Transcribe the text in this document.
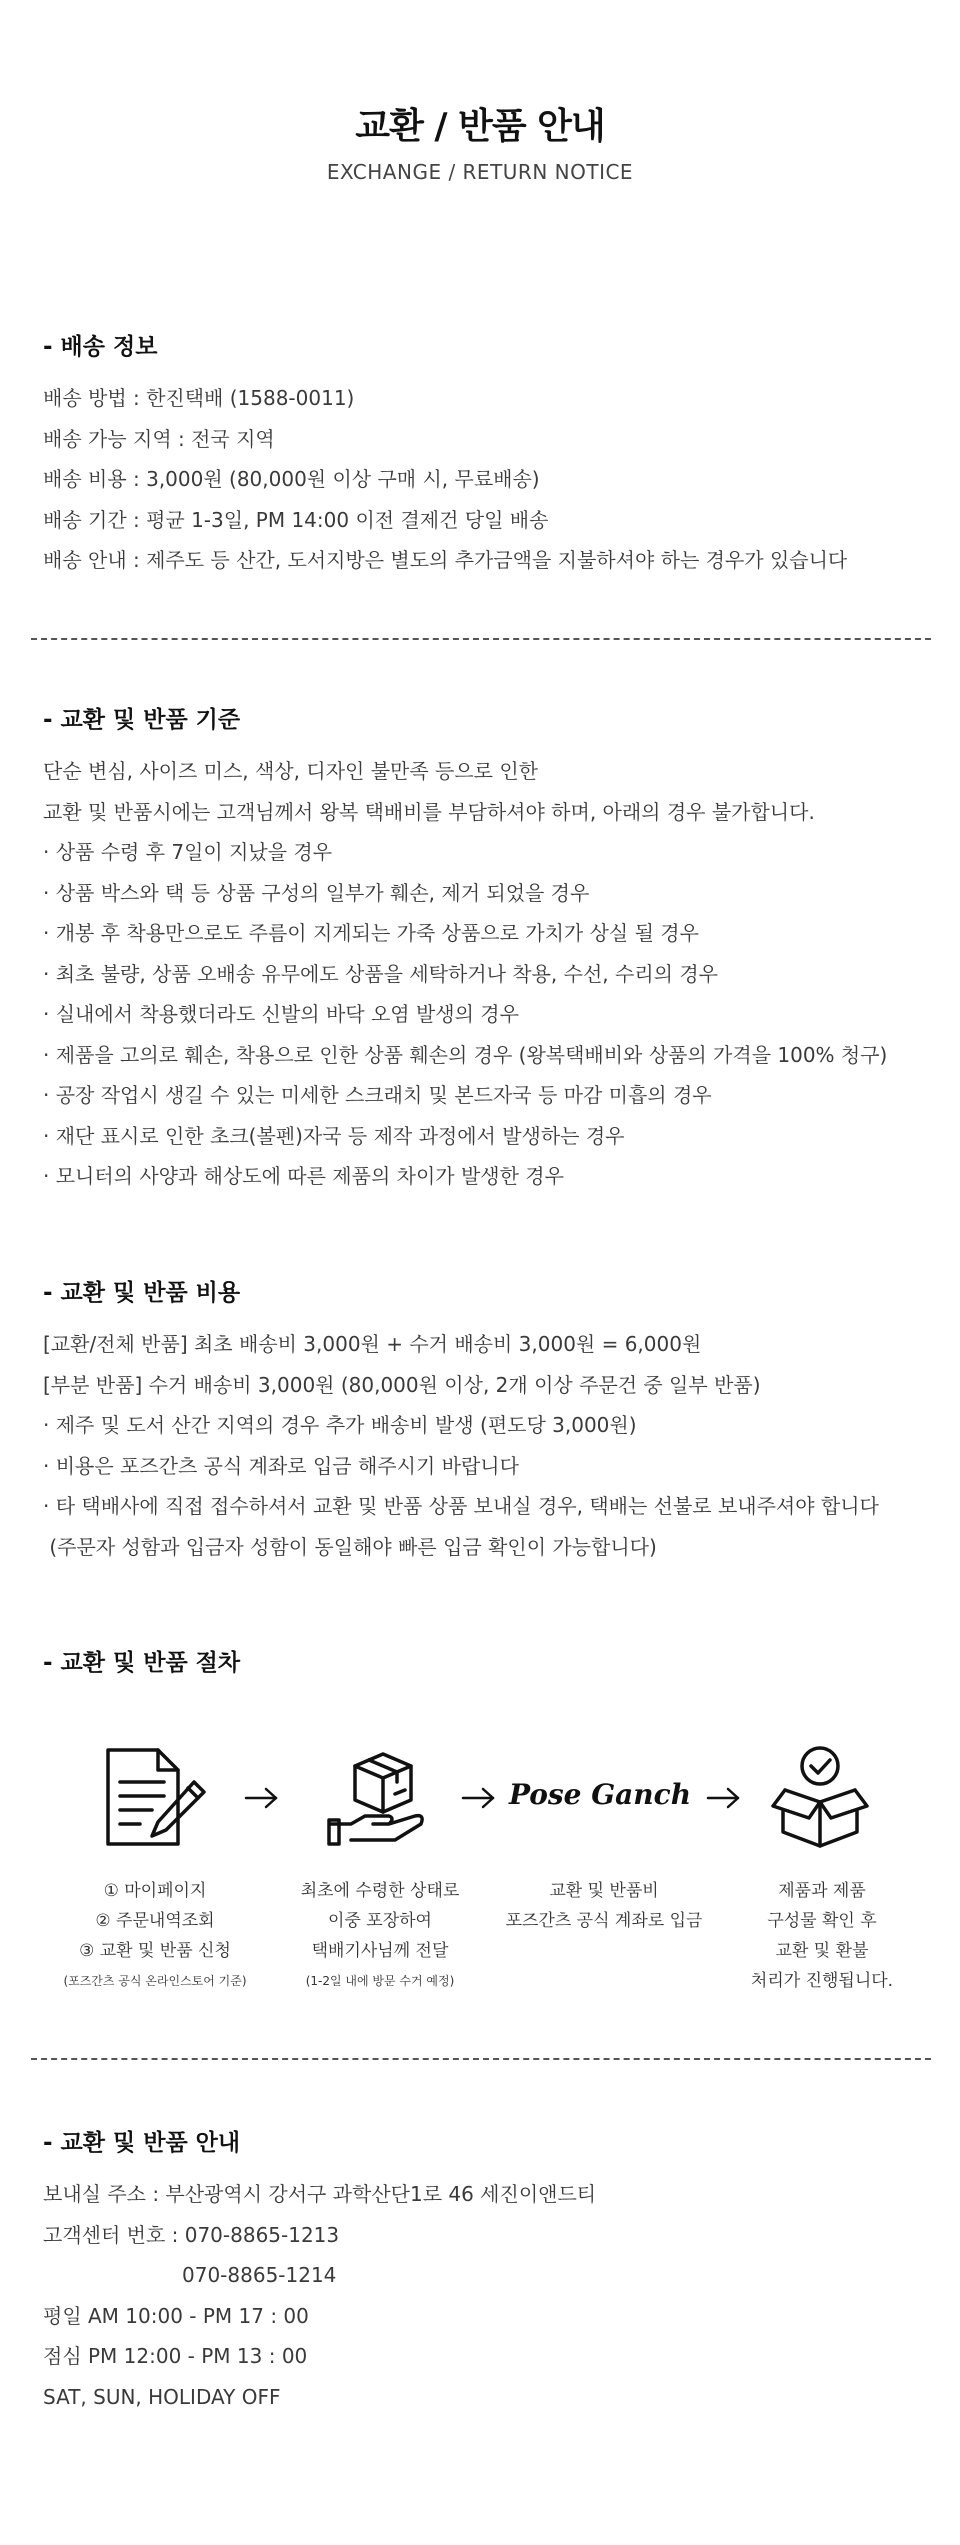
교환 / 반품 안내
EXCHANGE / RETURN NOTICE
- 배송 정보
배송 방법 : 한진택배 (1588-0011)
배송 가능 지역 : 전국 지역
배송 비용 : 3,000원 (80,000원 이상 구매 시, 무료배송)
배송 기간 : 평균 1-3일, PM 14:00 이전 결제건 당일 배송
배송 안내 : 제주도 등 산간, 도서지방은 별도의 추가금액을 지불하셔야 하는 경우가 있습니다
- 교환 및 반품 기준
단순 변심, 사이즈 미스, 색상, 디자인 불만족 등으로 인한
교환 및 반품시에는 고객님께서 왕복 택배비를 부담하셔야 하며, 아래의 경우 불가합니다.
· 상품 수령 후 7일이 지났을 경우
· 상품 박스와 택 등 상품 구성의 일부가 훼손, 제거 되었을 경우
· 개봉 후 착용만으로도 주름이 지게되는 가죽 상품으로 가치가 상실 될 경우
· 최초 불량, 상품 오배송 유무에도 상품을 세탁하거나 착용, 수선, 수리의 경우
· 실내에서 착용했더라도 신발의 바닥 오염 발생의 경우
· 제품을 고의로 훼손, 착용으로 인한 상품 훼손의 경우 (왕복택배비와 상품의 가격을 100% 청구)
· 공장 작업시 생길 수 있는 미세한 스크래치 및 본드자국 등 마감 미흡의 경우
· 재단 표시로 인한 초크(볼펜)자국 등 제작 과정에서 발생하는 경우
· 모니터의 사양과 해상도에 따른 제품의 차이가 발생한 경우
- 교환 및 반품 비용
[교환/전체 반품] 최초 배송비 3,000원 + 수거 배송비 3,000원 = 6,000원
[부분 반품] 수거 배송비 3,000원 (80,000원 이상, 2개 이상 주문건 중 일부 반품)
· 제주 및 도서 산간 지역의 경우 추가 배송비 발생 (편도당 3,000원)
· 비용은 포즈간츠 공식 계좌로 입금 해주시기 바랍니다
· 타 택배사에 직접 접수하셔서 교환 및 반품 상품 보내실 경우, 택배는 선불로 보내주셔야 합니다
(주문자 성함과 입금자 성함이 동일해야 빠른 입금 확인이 가능합니다)
- 교환 및 반품 절차
Pose Ganch
① 마이페이지
② 주문내역조회
③ 교환 및 반품 신청
(포즈간츠 공식 온라인스토어 기준)
최초에 수령한 상태로
이중 포장하여
택배기사님께 전달
(1-2일 내에 방문 수거 예정)
교환 및 반품비
포즈간츠 공식 계좌로 입금
제품과 제품
구성물 확인 후
교환 및 환불
처리가 진행됩니다.
- 교환 및 반품 안내
보내실 주소 : 부산광역시 강서구 과학산단1로 46 세진이앤드티
고객센터 번호 : 070-8865-1213
070-8865-1214
평일 AM 10:00 - PM 17 : 00
점심 PM 12:00 - PM 13 : 00
SAT, SUN, HOLIDAY OFF
